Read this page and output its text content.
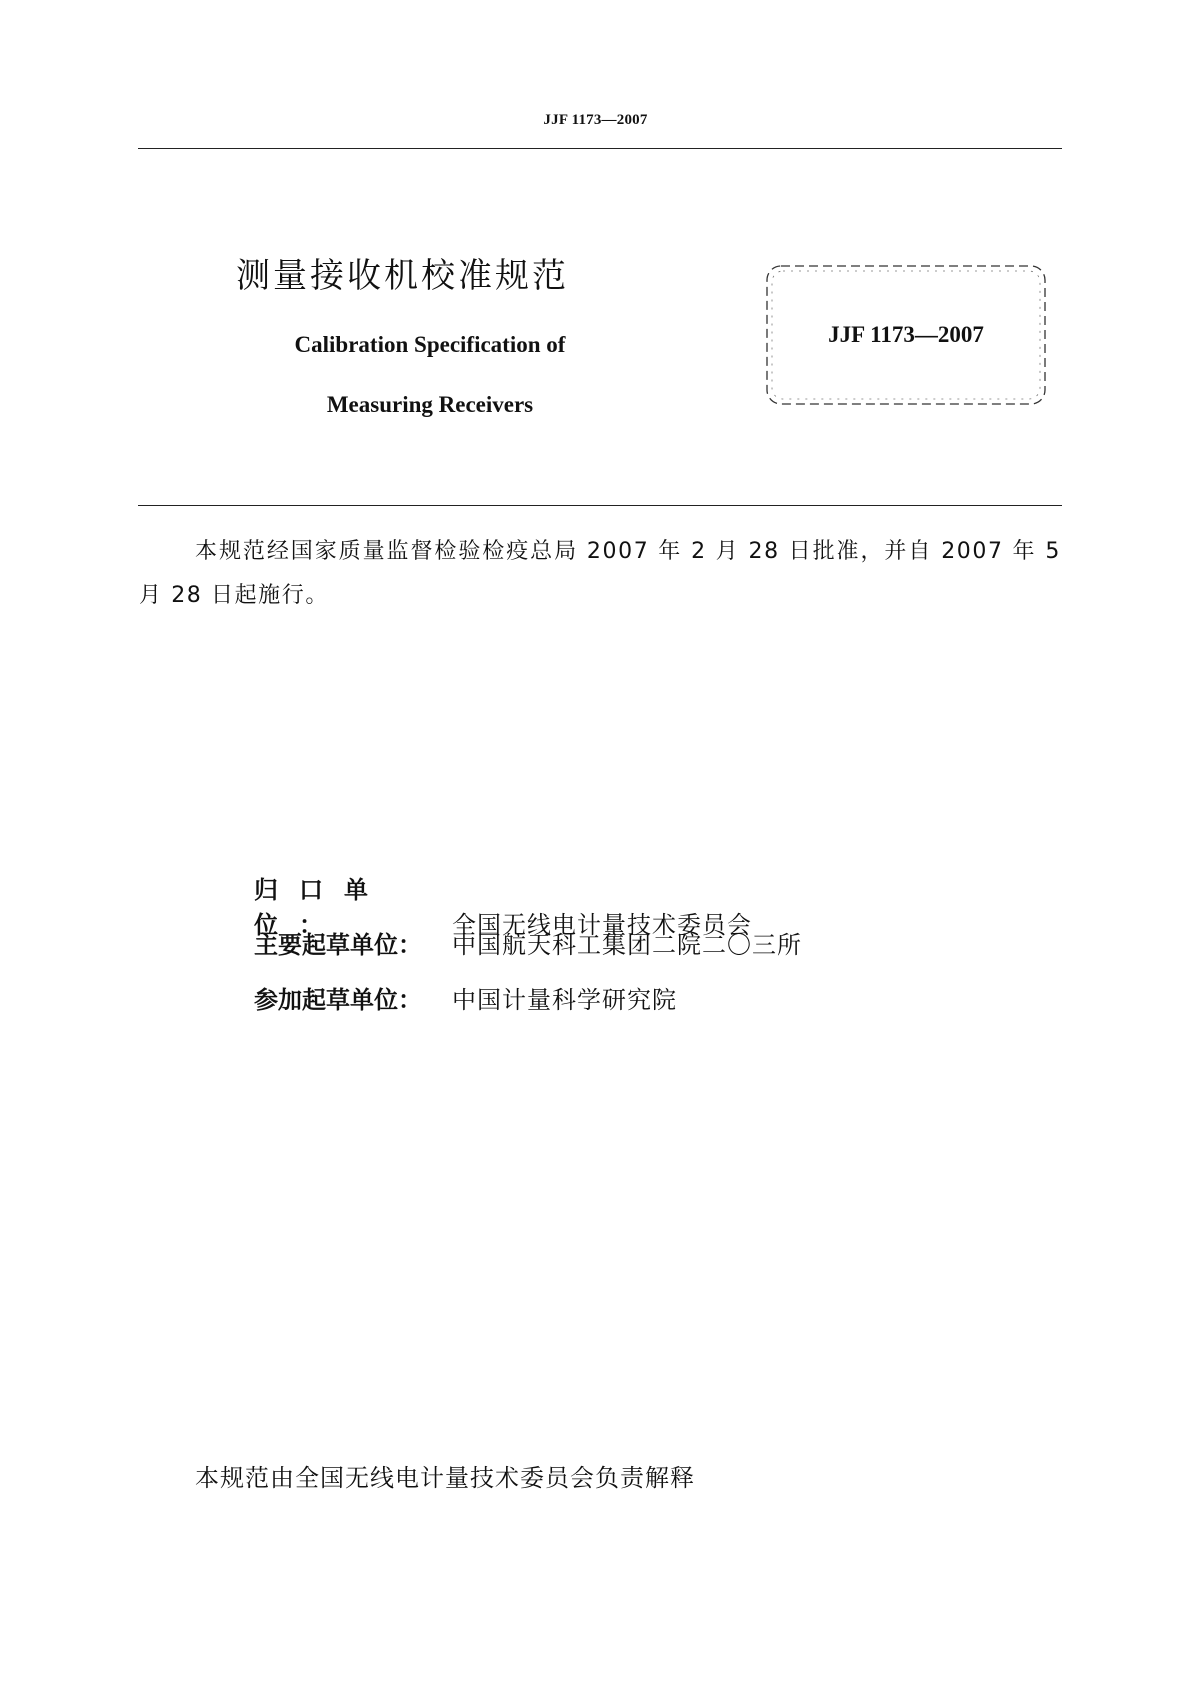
JJF 1173—2007
测量接收机校准规范
Calibration Specification of
Measuring Receivers
JJF 1173—2007
本规范经国家质量监督检验检疫总局 2007 年 2 月 28 日批准，并自 2007 年 5 月 28 日起施行。
归口单位：	全国无线电计量技术委员会
主要起草单位： 中国航天科工集团二院二〇三所
参加起草单位： 中国计量科学研究院
本规范由全国无线电计量技术委员会负责解释
